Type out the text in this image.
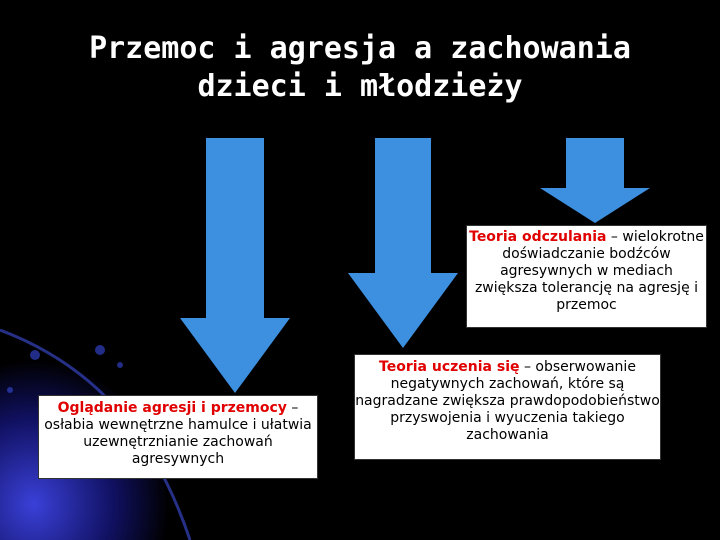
Przemoc i agresja a zachowania
dzieci i młodzieży
Oglądanie agresji i przemocy – osłabia wewnętrzne hamulce i ułatwia uzewnętrznianie zachowań agresywnych
Teoria uczenia się – obserwowanie negatywnych zachowań, które są nagradzane zwiększa prawdopodobieństwo przyswojenia i wyuczenia takiego zachowania
Teoria odczulania – wielokrotne doświadczanie bodźców agresywnych w mediach zwiększa tolerancję na agresję i przemoc
